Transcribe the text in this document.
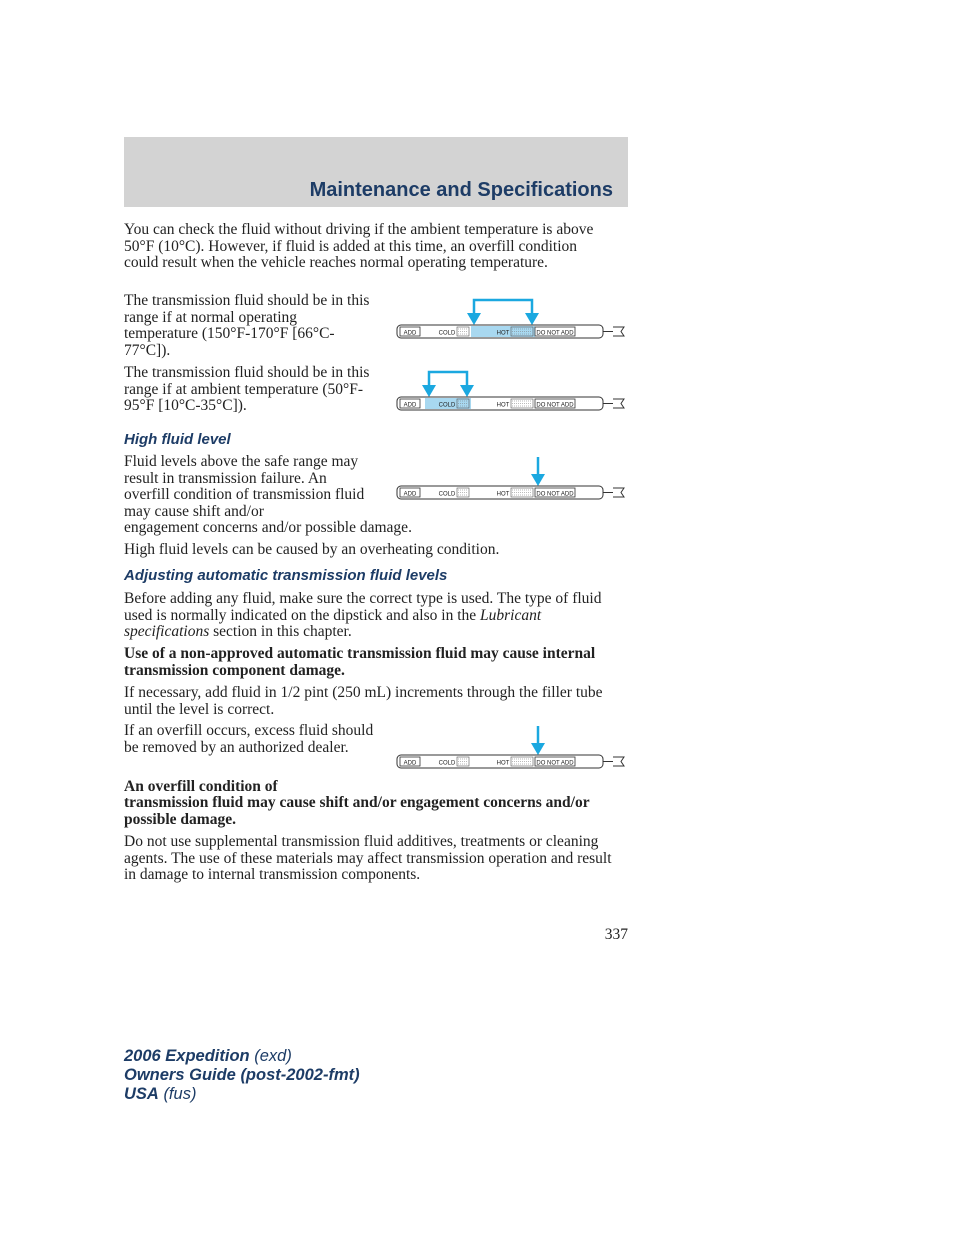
Maintenance and Specifications

You can check the fluid without driving if the ambient temperature is above 50°F (10°C). However, if fluid is added at this time, an overfill condition could result when the vehicle reaches normal operating temperature.

The transmission fluid should be in this range if at normal operating temperature (150°F-170°F [66°C-77°C]).

The transmission fluid should be in this range if at ambient temperature (50°F-95°F [10°C-35°C]).

High fluid level

Fluid levels above the safe range may result in transmission failure. An overfill condition of transmission fluid may cause shift and/or

engagement concerns and/or possible damage.

High fluid levels can be caused by an overheating condition.

Adjusting automatic transmission fluid levels

Before adding any fluid, make sure the correct type is used. The type of fluid used is normally indicated on the dipstick and also in the Lubricant specifications section in this chapter.

Use of a non-approved automatic transmission fluid may cause internal transmission component damage.

If necessary, add fluid in 1/2 pint (250 mL) increments through the filler tube until the level is correct.

If an overfill occurs, excess fluid should be removed by an authorized dealer.

An overfill condition of

transmission fluid may cause shift and/or engagement concerns and/or possible damage.

Do not use supplemental transmission fluid additives, treatments or cleaning agents. The use of these materials may affect transmission operation and result in damage to internal transmission components.

ADD	COLD	HOT	DO NOT ADD
ADD	COLD	HOT	DO NOT ADD
ADD	COLD	HOT	DO NOT ADD
ADD	COLD	HOT	DO NOT ADD

337

2006 Expedition (exd)
Owners Guide (post-2002-fmt)
USA (fus)
